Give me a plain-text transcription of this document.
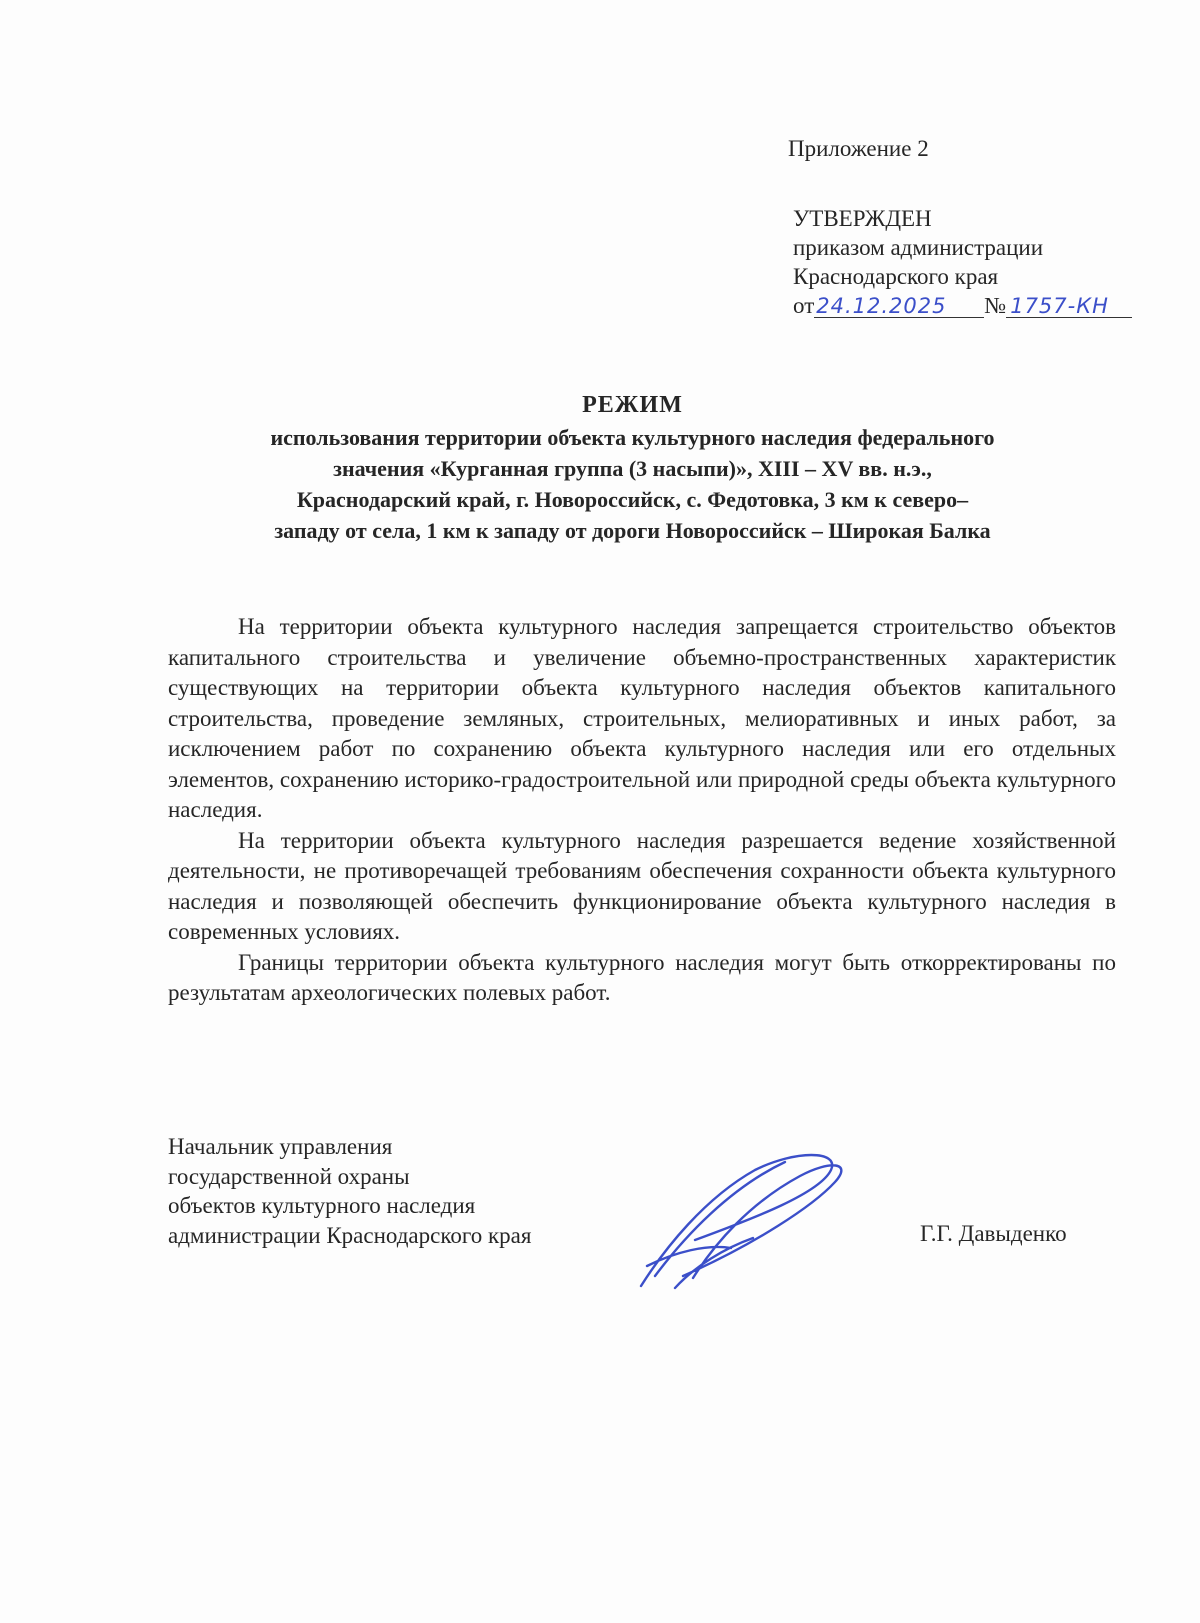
Приложение 2
УТВЕРЖДЕН
приказом администрации
Краснодарского края
от24.12.2025 № 1757-КН
РЕЖИМ
использования территории объекта культурного наследия федерального
значения «Курганная группа (3 насыпи)», XIII – XV вв. н.э.,
Краснодарский край, г. Новороссийск, с. Федотовка, 3 км к северо–
западу от села, 1 км к западу от дороги Новороссийск – Широкая Балка

На территории объекта культурного наследия запрещается строительство объектов капитального строительства и увеличение объемно-пространственных характеристик существующих на территории объекта культурного наследия объектов капитального строительства, проведение земляных, строительных, мелиоративных и иных работ, за исключением работ по сохранению объекта культурного наследия или его отдельных элементов, сохранению историко-градостроительной или природной среды объекта культурного наследия.

На территории объекта культурного наследия разрешается ведение хозяйственной деятельности, не противоречащей требованиям обеспечения сохранности объекта культурного наследия и позволяющей обеспечить функционирование объекта культурного наследия в современных условиях.

Границы территории объекта культурного наследия могут быть откорректированы по результатам археологических полевых работ.

Начальник управления
государственной охраны
объектов культурного наследия
администрации Краснодарского края	Г.Г. Давыденко
